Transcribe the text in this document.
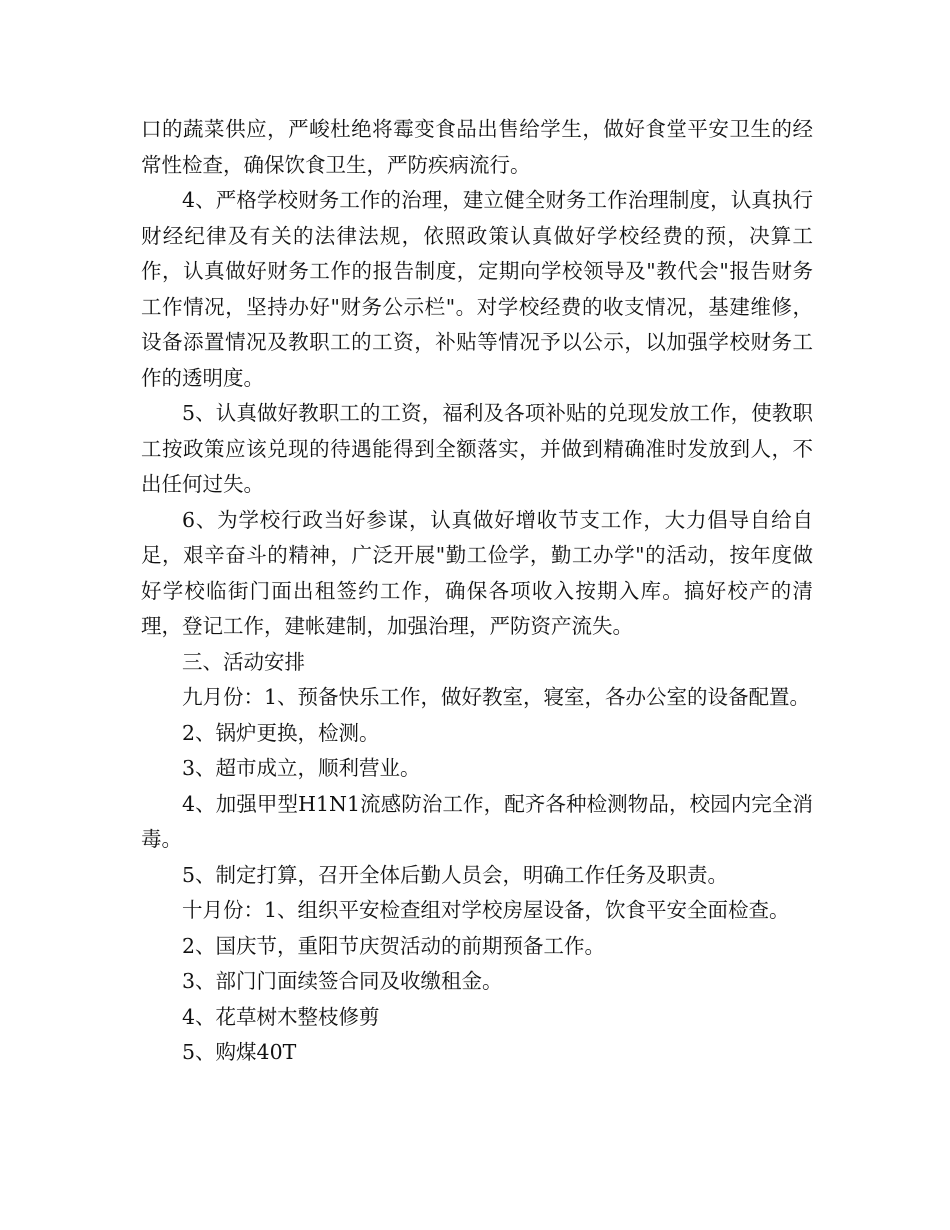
口的蔬菜供应，严峻杜绝将霉变食品出售给学生，做好食堂平安卫生的经常性检查，确保饮食卫生，严防疾病流行。

4、严格学校财务工作的治理，建立健全财务工作治理制度，认真执行财经纪律及有关的法律法规，依照政策认真做好学校经费的预，决算工作，认真做好财务工作的报告制度，定期向学校领导及"教代会"报告财务工作情况，坚持办好"财务公示栏"。对学校经费的收支情况，基建维修，设备添置情况及教职工的工资，补贴等情况予以公示，以加强学校财务工作的透明度。

5、认真做好教职工的工资，福利及各项补贴的兑现发放工作，使教职工按政策应该兑现的待遇能得到全额落实，并做到精确准时发放到人，不出任何过失。

6、为学校行政当好参谋，认真做好增收节支工作，大力倡导自给自足，艰辛奋斗的精神，广泛开展"勤工俭学，勤工办学"的活动，按年度做好学校临街门面出租签约工作，确保各项收入按期入库。搞好校产的清理，登记工作，建帐建制，加强治理，严防资产流失。

三、活动安排

九月份：1、预备快乐工作，做好教室，寝室，各办公室的设备配置。

2、锅炉更换，检测。

3、超市成立，顺利营业。

4、加强甲型H1N1流感防治工作，配齐各种检测物品，校园内完全消毒。

5、制定打算，召开全体后勤人员会，明确工作任务及职责。

十月份：1、组织平安检查组对学校房屋设备，饮食平安全面检查。

2、国庆节，重阳节庆贺活动的前期预备工作。

3、部门门面续签合同及收缴租金。

4、花草树木整枝修剪

5、购煤40T
